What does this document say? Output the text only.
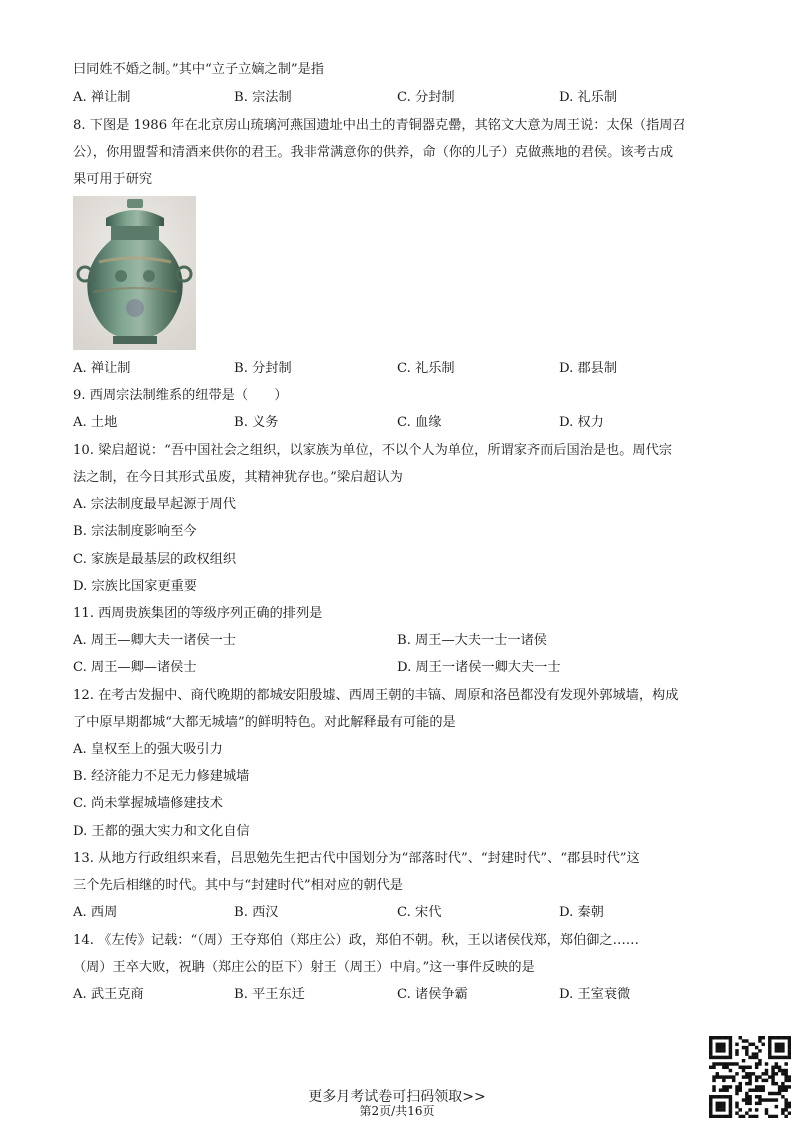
曰同姓不婚之制。”其中“立子立嫡之制”是指
A. 禅让制	B. 宗法制	C. 分封制	D. 礼乐制
8. 下图是 1986 年在北京房山琉璃河燕国遗址中出土的青铜器克罍，其铭文大意为周王说：太保（指周召
公），你用盟誓和清酒来供你的君王。我非常满意你的供养，命（你的儿子）克做燕地的君侯。该考古成
果可用于研究
A. 禅让制	B. 分封制	C. 礼乐制	D. 郡县制
9. 西周宗法制维系的纽带是（　　）
A. 土地	B. 义务	C. 血缘	D. 权力
10. 梁启超说：“吾中国社会之组织，以家族为单位，不以个人为单位，所谓家齐而后国治是也。周代宗
法之制，在今日其形式虽废，其精神犹存也。”梁启超认为
A. 宗法制度最早起源于周代
B. 宗法制度影响至今
C. 家族是最基层的政权组织
D. 宗族比国家更重要
11. 西周贵族集团的等级序列正确的排列是
A. 周王—卿大夫一诸侯一士	B. 周王—大夫一士一诸侯
C. 周王—卿—诸侯士	D. 周王一诸侯一卿大夫一士
12. 在考古发掘中、商代晚期的都城安阳殷墟、西周王朝的丰镐、周原和洛邑都没有发现外郭城墙，构成
了中原早期都城“大都无城墙”的鲜明特色。对此解释最有可能的是
A. 皇权至上的强大吸引力
B. 经济能力不足无力修建城墙
C. 尚未掌握城墙修建技术
D. 王都的强大实力和文化自信
13. 从地方行政组织来看，吕思勉先生把古代中国划分为“部落时代”、“封建时代”、“郡县时代”这
三个先后相继的时代。其中与“封建时代”相对应的朝代是
A. 西周	B. 西汉	C. 宋代	D. 秦朝
14. 《左传》记载：“（周）王夺郑伯（郑庄公）政，郑伯不朝。秋，王以诸侯伐郑，郑伯御之……
（周）王卒大败，祝聃（郑庄公的臣下）射王（周王）中肩。”这一事件反映的是
A. 武王克商	B. 平王东迁	C. 诸侯争霸	D. 王室衰微
更多月考试卷可扫码领取>>
第2页/共16页
